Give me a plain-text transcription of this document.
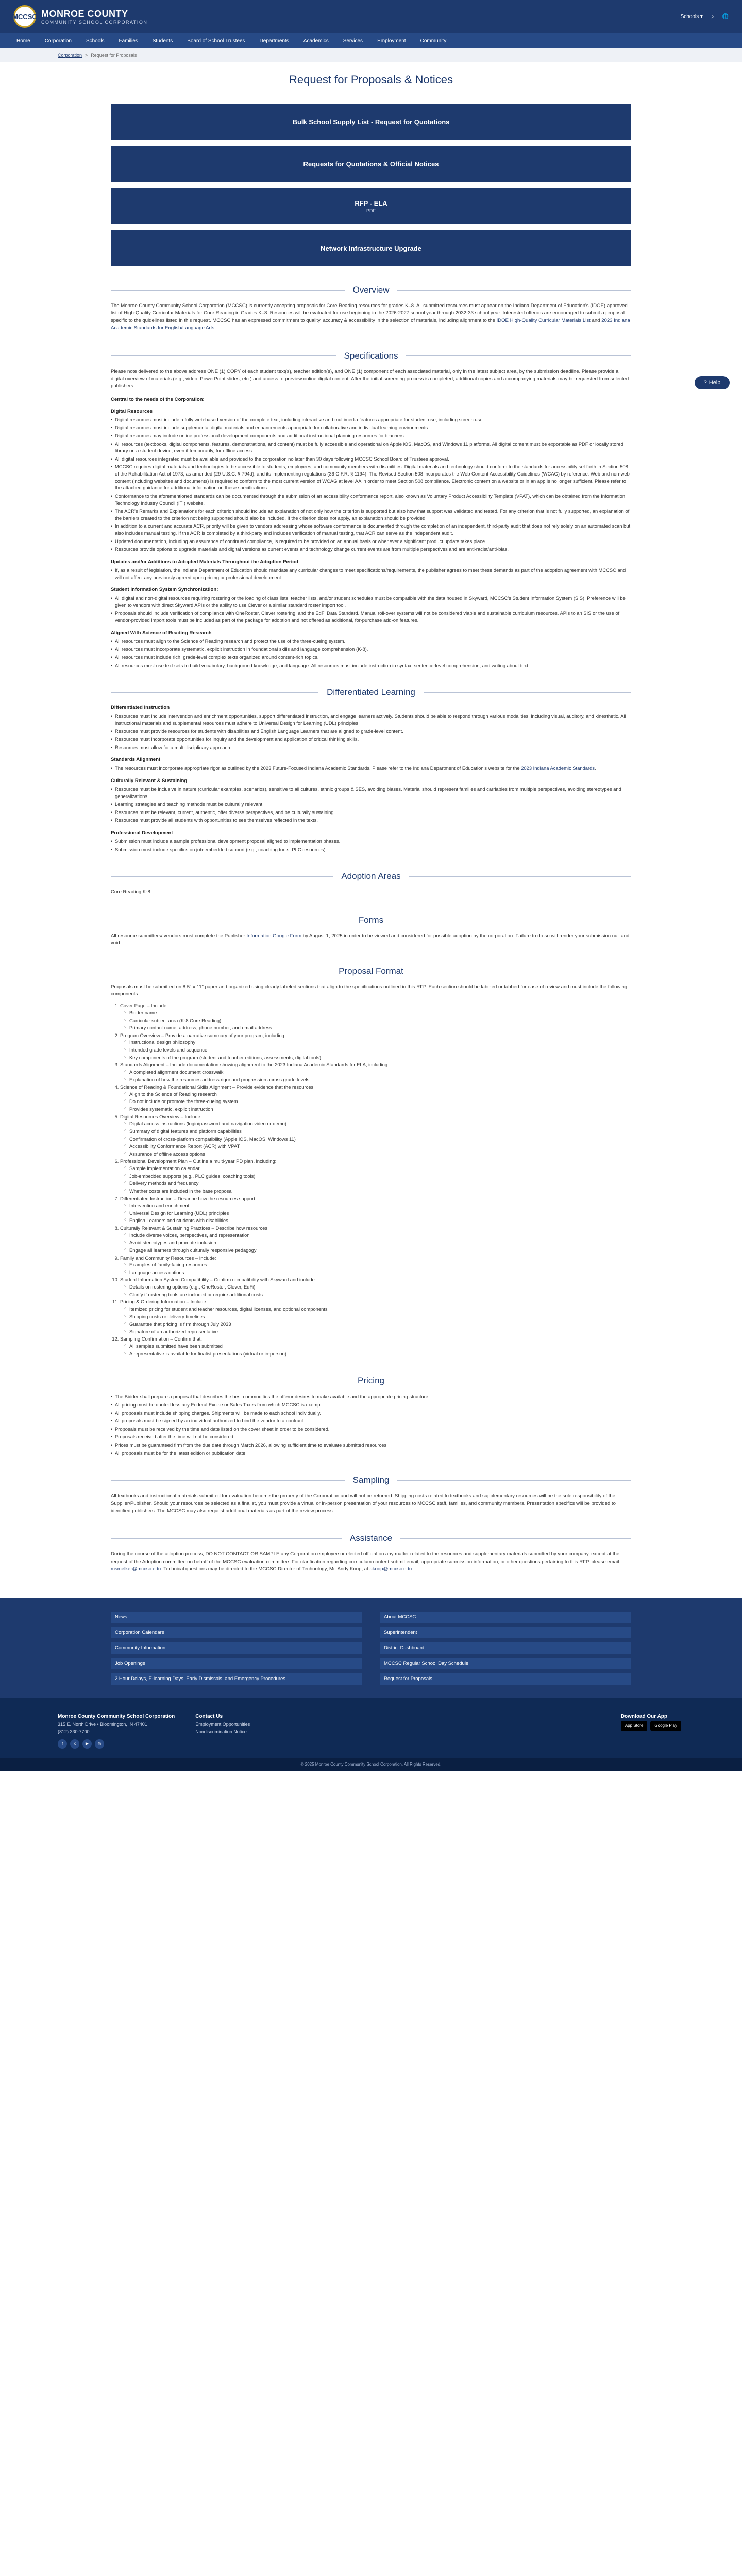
MCCSC MONROE COUNTY
COMMUNITY SCHOOL CORPORATION
Schools ▾ ⌕ 🌐
Home	Corporation	Schools	Families	Students	Board of School Trustees	Departments	Academics	Services	Employment	Community
Corporation > Request for Proposals
? Help
Request for Proposals & Notices
Bulk School Supply List - Request for Quotations
Requests for Quotations & Official Notices
RFP - ELA
PDF
Network Infrastructure Upgrade
Overview

The Monroe County Community School Corporation (MCCSC) is currently accepting proposals for Core Reading resources for grades K–8. All submitted resources must appear on the Indiana Department of Education's (IDOE) approved list of High-Quality Curricular Materials for Core Reading in Grades K–8. Resources will be evaluated for use beginning in the 2026-2027 school year through 2032-33 school year. Interested offerors are encouraged to submit a proposal specific to the guidelines listed in this request. MCCSC has an expressed commitment to quality, accuracy & accessibility in the selection of materials, including alignment to the IDOE High-Quality Curricular Materials List and 2023 Indiana Academic Standards for English/Language Arts.

Specifications

Please note delivered to the above address ONE (1) COPY of each student text(s), teacher edition(s), and ONE (1) component of each associated material, only in the latest subject area, by the submission deadline. Please provide a digital overview of materials (e.g., video, PowerPoint slides, etc.) and access to preview online digital content. After the initial screening process is completed, additional copies and accompanying materials may be requested from selected publishers.

Central to the needs of the Corporation:
Digital Resources
• Digital resources must include a fully web-based version of the complete text, including interactive and multimedia features appropriate for student use, including screen use.
• Digital resources must include supplemental digital materials and enhancements appropriate for collaborative and individual learning environments.
• Digital resources may include online professional development components and additional instructional planning resources for teachers.
• All resources (textbooks, digital components, features, demonstrations, and content) must be fully accessible and operational on Apple iOS, MacOS, and Windows 11 platforms. All digital content must be exportable as PDF or locally stored library on a student device, even if temporarily, for offline access.
• All digital resources integrated must be available and provided to the corporation no later than 30 days following MCCSC School Board of Trustees approval.
• MCCSC requires digital materials and technologies to be accessible to students, employees, and community members with disabilities. Digital materials and technology should conform to the standards for accessibility set forth in Section 508 of the Rehabilitation Act of 1973, as amended (29 U.S.C. § 794d), and its implementing regulations (36 C.F.R. § 1194). The Revised Section 508 incorporates the Web Content Accessibility Guidelines (WCAG) by reference. Web and non-web content (including websites and documents) is required to conform to the most current version of WCAG at level AA in order to meet Section 508 compliance. Electronic content on a website or in an app is no longer sufficient. Please refer to the attached guidance for additional information on these specifications.
• Conformance to the aforementioned standards can be documented through the submission of an accessibility conformance report, also known as Voluntary Product Accessibility Template (VPAT), which can be obtained from the Information Technology Industry Council (ITI) website.
• The ACR's Remarks and Explanations for each criterion should include an explanation of not only how the criterion is supported but also how that support was validated and tested. For any criterion that is not fully supported, an explanation of the barriers created to the criterion not being supported should also be included. If the criterion does not apply, an explanation should be provided.
• In addition to a current and accurate ACR, priority will be given to vendors addressing whose software conformance is documented through the completion of an independent, third-party audit that does not rely solely on an automated scan but also includes manual testing. If the ACR is completed by a third-party and includes verification of manual testing, that ACR can serve as the independent audit.
• Updated documentation, including an assurance of continued compliance, is required to be provided on an annual basis or whenever a significant product update takes place.
• Resources provide options to upgrade materials and digital versions as current events and technology change current events are from multiple perspectives and are anti-racist/anti-bias.
Updates and/or Additions to Adopted Materials Throughout the Adoption Period
• If, as a result of legislation, the Indiana Department of Education should mandate any curricular changes to meet specifications/requirements, the publisher agrees to meet these demands as part of the adoption agreement with MCCSC and will not affect any previously agreed upon pricing or professional development.
Student Information System Synchronization:
• All digital and non-digital resources requiring rostering or the loading of class lists, teacher lists, and/or student schedules must be compatible with the data housed in Skyward, MCCSC's Student Information System (SIS). Preference will be given to vendors with direct Skyward APIs or the ability to use Clever or a similar standard roster import tool.
• Proposals should include verification of compliance with OneRoster, Clever rostering, and the EdFi Data Standard. Manual roll-over systems will not be considered viable and sustainable curriculum resources. APIs to an SIS or the use of vendor-provided import tools must be included as part of the package for adoption and not offered as additional, for-purchase add-on features.
Aligned With Science of Reading Research
• All resources must align to the Science of Reading research and protect the use of the three-cueing system.
• All resources must incorporate systematic, explicit instruction in foundational skills and language comprehension (K-8).
• All resources must include rich, grade-level complex texts organized around content-rich topics.
• All resources must use text sets to build vocabulary, background knowledge, and language. All resources must include instruction in syntax, sentence-level comprehension, and writing about text.
Differentiated Learning
Differentiated Instruction
• Resources must include intervention and enrichment opportunities, support differentiated instruction, and engage learners actively. Students should be able to respond through various modalities, including visual, auditory, and kinesthetic. All instructional materials and supplemental resources must adhere to Universal Design for Learning (UDL) principles.
• Resources must provide resources for students with disabilities and English Language Learners that are aligned to grade-level content.
• Resources must incorporate opportunities for inquiry and the development and application of critical thinking skills.
• Resources must allow for a multidisciplinary approach.
Standards Alignment
• The resources must incorporate appropriate rigor as outlined by the 2023 Future-Focused Indiana Academic Standards. Please refer to the Indiana Department of Education's website for the 2023 Indiana Academic Standards.
Culturally Relevant & Sustaining
• Resources must be inclusive in nature (curricular examples, scenarios), sensitive to all cultures, ethnic groups & SES, avoiding biases. Material should represent families and carriables from multiple perspectives, avoiding stereotypes and generalizations.
• Learning strategies and teaching methods must be culturally relevant.
• Resources must be relevant, current, authentic, offer diverse perspectives, and be culturally sustaining.
• Resources must provide all students with opportunities to see themselves reflected in the texts.
Professional Development
• Submission must include a sample professional development proposal aligned to implementation phases.
• Submission must include specifics on job-embedded support (e.g., coaching tools, PLC resources).
Adoption Areas

Core Reading K-8

Forms

All resource submitters/ vendors must complete the Publisher Information Google Form by August 1, 2025 in order to be viewed and considered for possible adoption by the corporation. Failure to do so will render your submission null and void.

Proposal Format

Proposals must be submitted on 8.5" x 11" paper and organized using clearly labeled sections that align to the specifications outlined in this RFP. Each section should be labeled or tabbed for ease of review and must include the following components:

1. Cover Page – Include:
○ Bidder name
○ Curricular subject area (K-8 Core Reading)
○ Primary contact name, address, phone number, and email address
2. Program Overview – Provide a narrative summary of your program, including:
○ Instructional design philosophy
○ Intended grade levels and sequence
○ Key components of the program (student and teacher editions, assessments, digital tools)
3. Standards Alignment – Include documentation showing alignment to the 2023 Indiana Academic Standards for ELA, including:
○ A completed alignment document crosswalk
○ Explanation of how the resources address rigor and progression across grade levels
4. Science of Reading & Foundational Skills Alignment – Provide evidence that the resources:
○ Align to the Science of Reading research
○ Do not include or promote the three-cueing system
○ Provides systematic, explicit instruction
5. Digital Resources Overview – Include:
○ Digital access instructions (login/password and navigation video or demo)
○ Summary of digital features and platform capabilities
○ Confirmation of cross-platform compatibility (Apple iOS, MacOS, Windows 11)
○ Accessibility Conformance Report (ACR) with VPAT
○ Assurance of offline access options
6. Professional Development Plan – Outline a multi-year PD plan, including:
○ Sample implementation calendar
○ Job-embedded supports (e.g., PLC guides, coaching tools)
○ Delivery methods and frequency
○ Whether costs are included in the base proposal
7. Differentiated Instruction – Describe how the resources support:
○ Intervention and enrichment
○ Universal Design for Learning (UDL) principles
○ English Learners and students with disabilities
8. Culturally Relevant & Sustaining Practices – Describe how resources:
○ Include diverse voices, perspectives, and representation
○ Avoid stereotypes and promote inclusion
○ Engage all learners through culturally responsive pedagogy
9. Family and Community Resources – Include:
○ Examples of family-facing resources
○ Language access options
10. Student Information System Compatibility – Confirm compatibility with Skyward and include:
○ Details on rostering options (e.g., OneRoster, Clever, EdFi)
○ Clarify if rostering tools are included or require additional costs
11. Pricing & Ordering Information – Include:
○ Itemized pricing for student and teacher resources, digital licenses, and optional components
○ Shipping costs or delivery timelines
○ Guarantee that pricing is firm through July 2033
○ Signature of an authorized representative
12. Sampling Confirmation – Confirm that:
○ All samples submitted have been submitted
○ A representative is available for finalist presentations (virtual or in-person)
Pricing
• The Bidder shall prepare a proposal that describes the best commodities the offeror desires to make available and the appropriate pricing structure.
• All pricing must be quoted less any Federal Excise or Sales Taxes from which MCCSC is exempt.
• All proposals must include shipping charges. Shipments will be made to each school individually.
• All proposals must be signed by an individual authorized to bind the vendor to a contract.
• Proposals must be received by the time and date listed on the cover sheet in order to be considered.
• Proposals received after the time will not be considered.
• Prices must be guaranteed firm from the due date through March 2026, allowing sufficient time to evaluate submitted resources.
• All proposals must be for the latest edition or publication date.
Sampling

All textbooks and instructional materials submitted for evaluation become the property of the Corporation and will not be returned. Shipping costs related to textbooks and supplementary resources will be the sole responsibility of the Supplier/Publisher. Should your resources be selected as a finalist, you must provide a virtual or in-person presentation of your resources to MCCSC staff, families, and community members. Presentation specifics will be provided to identified publishers. The MCCSC may also request additional materials as part of the review process.

Assistance

During the course of the adoption process, DO NOT CONTACT OR SAMPLE any Corporation employee or elected official on any matter related to the resources and supplementary materials submitted by your company, except at the request of the Adoption committee on behalf of the MCCSC evaluation committee. For clarification regarding curriculum content submit email, appropriate submission information, or other questions pertaining to this RFP, please email msmelker@mccsc.edu. Technical questions may be directed to the MCCSC Director of Technology, Mr. Andy Koop, at akoop@mccsc.edu.

News	About MCCSC
Corporation Calendars	Superintendent
Community Information	District Dashboard
Job Openings	MCCSC Regular School Day Schedule
2 Hour Delays, E-learning Days, Early Dismissals, and Emergency Procedures	Request for Proposals
Monroe County Community School Corporation
315 E. North Drive • Bloomington, IN 47401
(812) 330-7700
f	x	▶	◎
Contact Us
Employment Opportunities
Nondiscrimination Notice
Download Our App
App Store	Google Play
© 2025 Monroe County Community School Corporation. All Rights Reserved.
